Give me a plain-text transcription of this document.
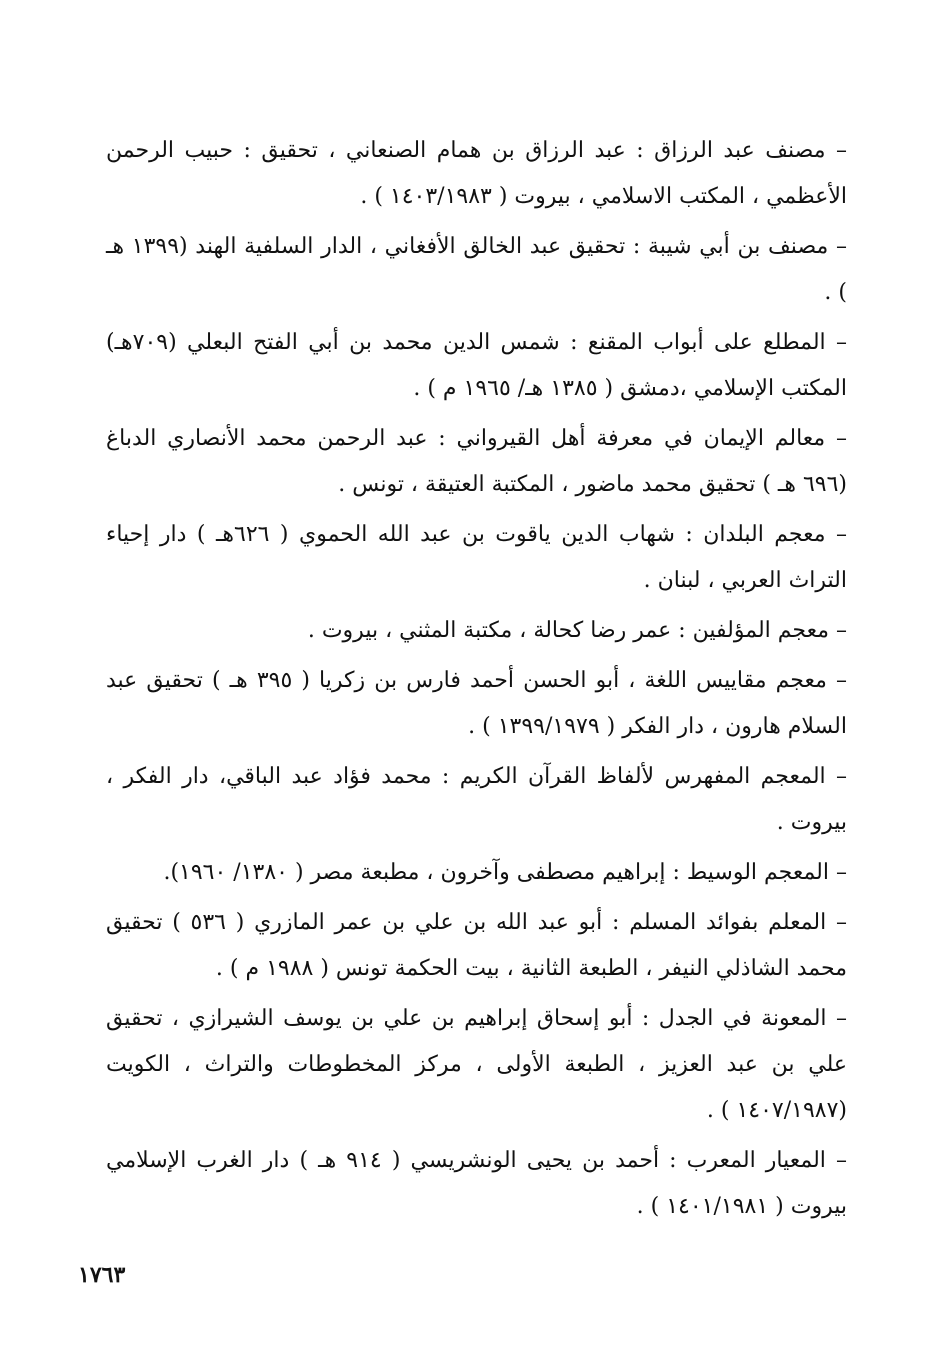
– مصنف عبد الرزاق : عبد الرزاق بن همام الصنعاني ، تحقيق : حبيب الرحمن الأعظمي ، المكتب الاسلامي ، بيروت ( ١٤٠٣/١٩٨٣ ) .

– مصنف بن أبي شيبة : تحقيق عبد الخالق الأفغاني ، الدار السلفية الهند (١٣٩٩ هـ ) .

– المطلع على أبواب المقنع : شمس الدين محمد بن أبي الفتح البعلي (٧٠٩هـ) المكتب الإسلامي ،دمشق ( ١٣٨٥ هـ/ ١٩٦٥ م ) .

– معالم الإيمان في معرفة أهل القيرواني : عبد الرحمن محمد الأنصاري الدباغ (٦٩٦ هـ ) تحقيق محمد ماضور ، المكتبة العتيقة ، تونس .

– معجم البلدان : شهاب الدين ياقوت بن عبد الله الحموي ( ٦٢٦هـ ) دار إحياء التراث العربي ، لبنان .

– معجم المؤلفين : عمر رضا كحالة ، مكتبة المثني ، بيروت .

– معجم مقاييس اللغة ، أبو الحسن أحمد فارس بن زكريا ( ٣٩٥ هـ ) تحقيق عبد السلام هارون ، دار الفكر ( ١٣٩٩/١٩٧٩ ) .

– المعجم المفهرس لألفاظ القرآن الكريم : محمد فؤاد عبد الباقي، دار الفكر ، بيروت .

– المعجم الوسيط : إبراهيم مصطفى وآخرون ، مطبعة مصر ( ١٣٨٠/ ١٩٦٠).

– المعلم بفوائد المسلم : أبو عبد الله بن علي بن عمر المازري ( ٥٣٦ ) تحقيق محمد الشاذلي النيفر ، الطبعة الثانية ، بيت الحكمة تونس ( ١٩٨٨ م ) .

– المعونة في الجدل : أبو إسحاق إبراهيم بن علي بن يوسف الشيرازي ، تحقيق علي بن عبد العزيز ، الطبعة الأولى ، مركز المخطوطات والتراث ، الكويت (١٤٠٧/١٩٨٧ ) .

– المعيار المعرب : أحمد بن يحيى الونشريسي ( ٩١٤ هـ ) دار الغرب الإسلامي بيروت ( ١٤٠١/١٩٨١ ) .

١٧٦٣
